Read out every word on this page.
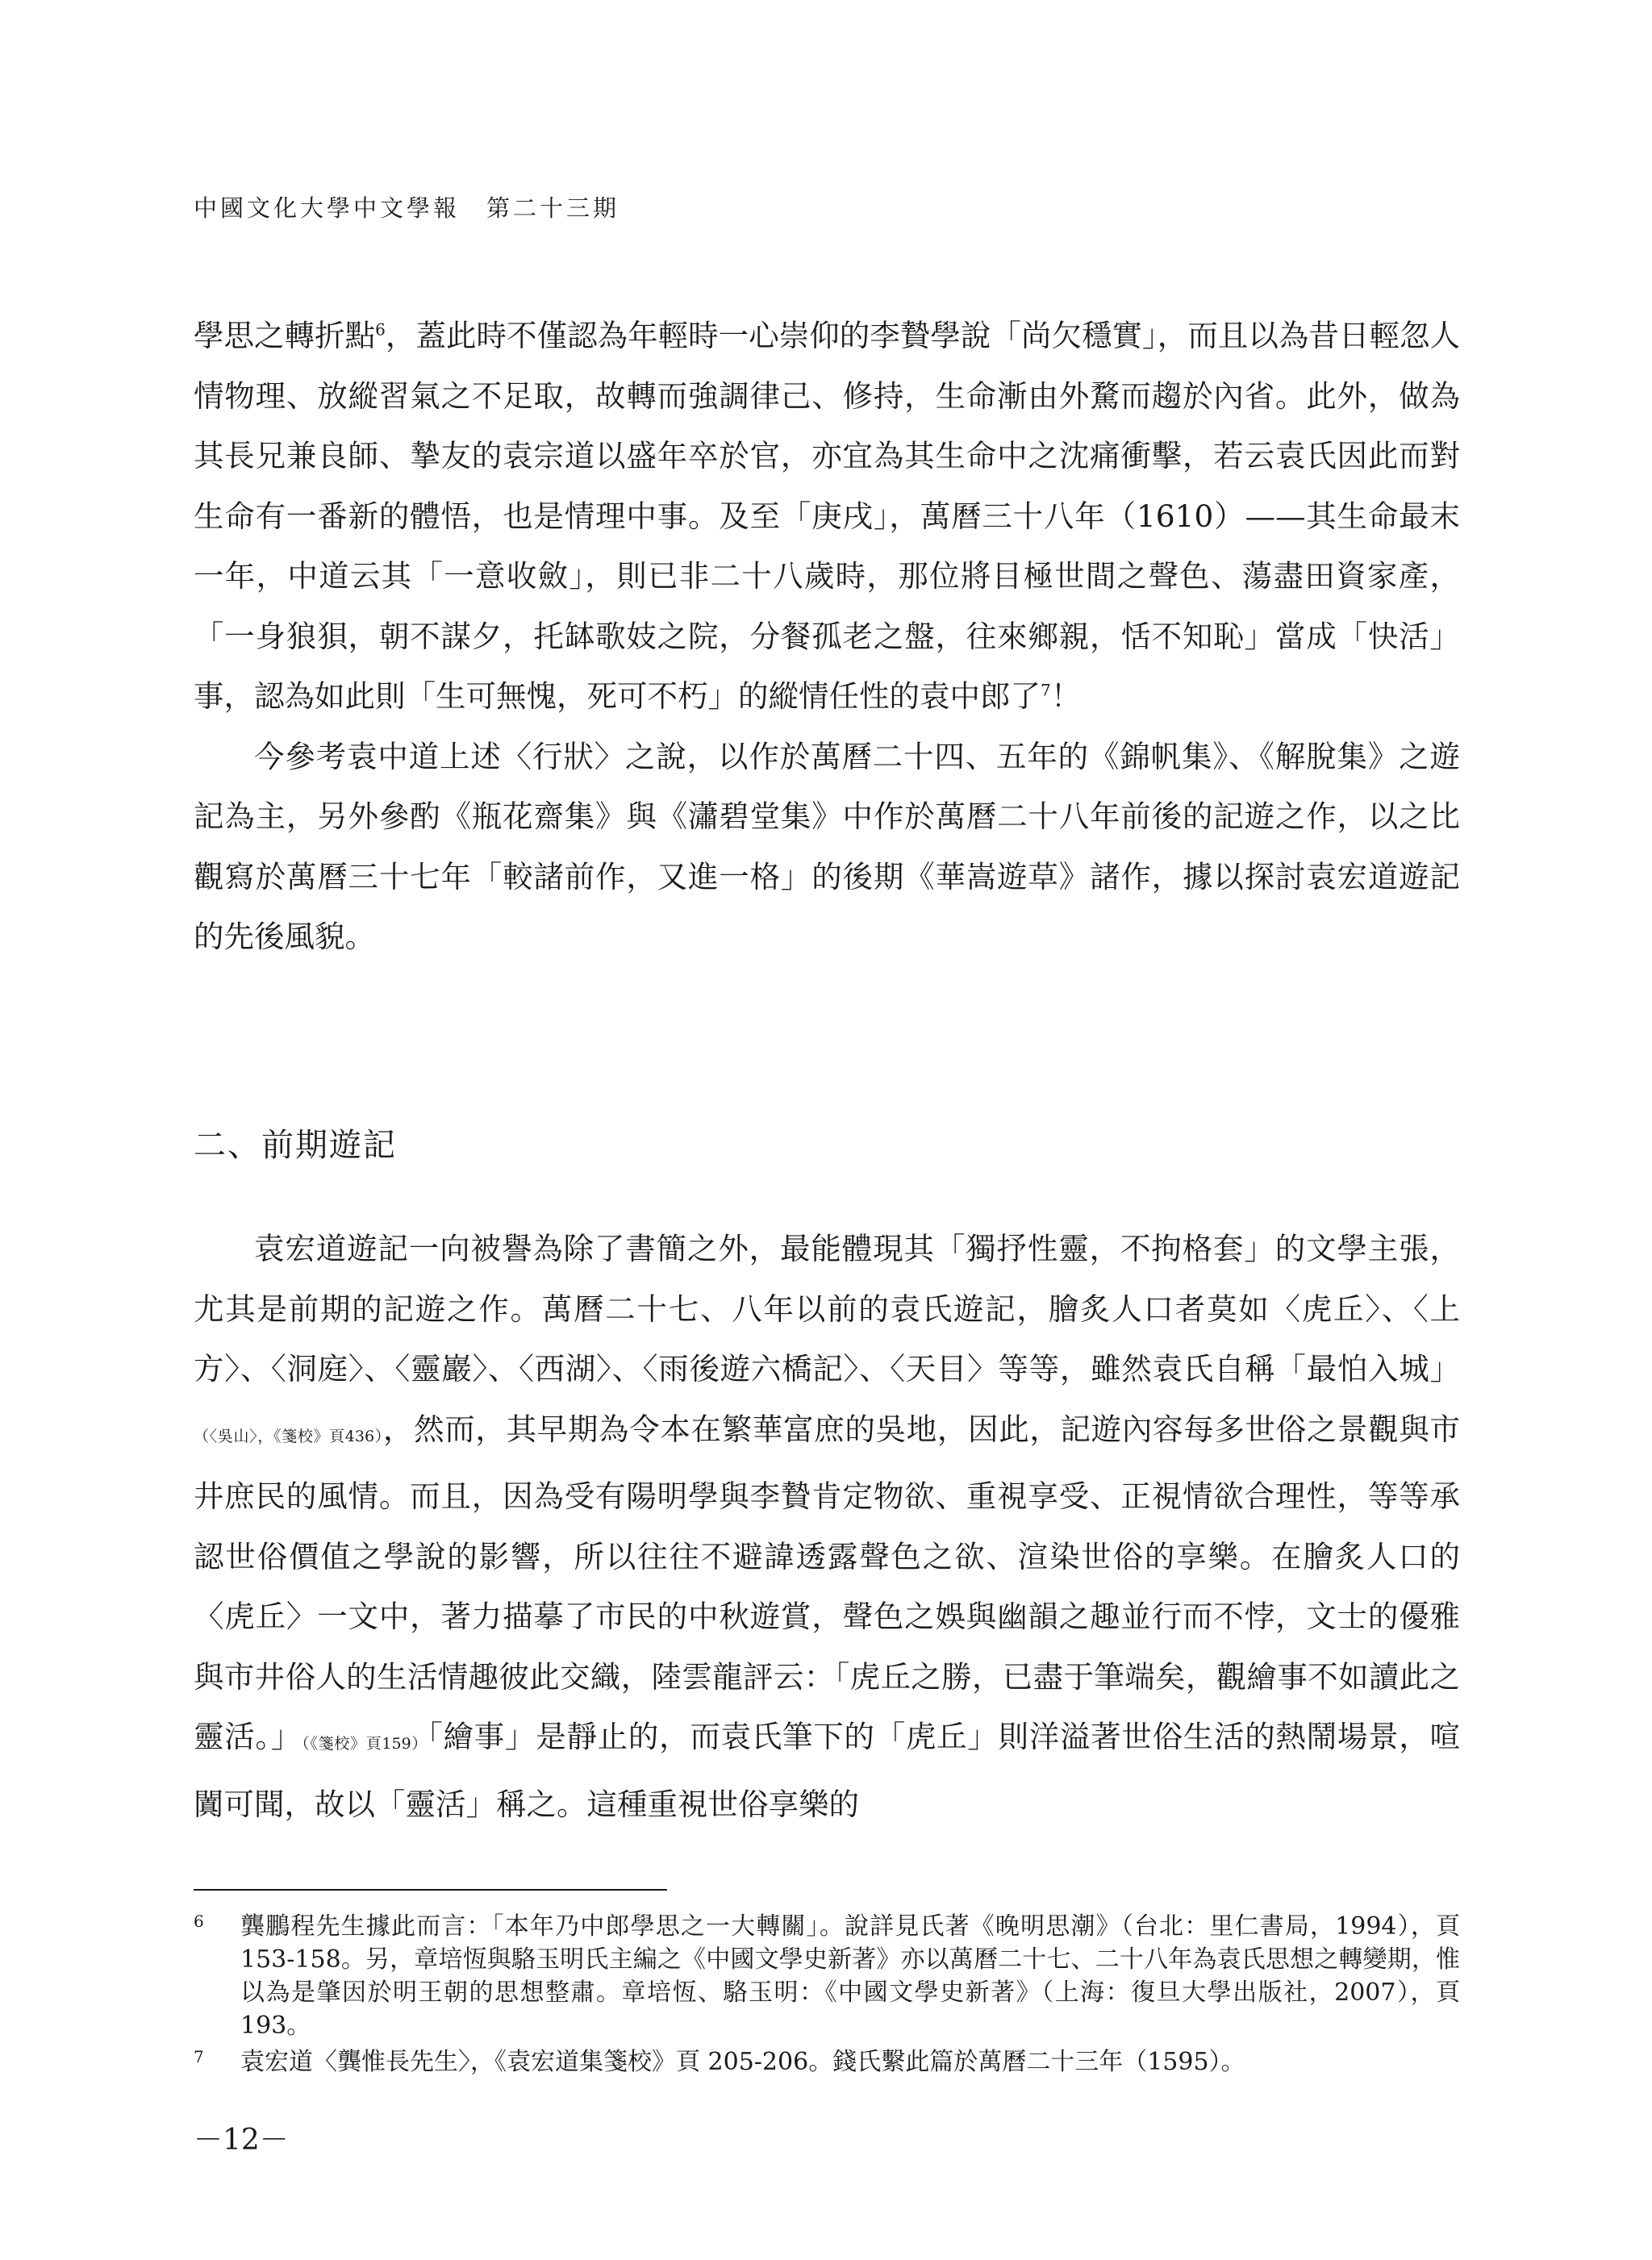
中國文化大學中文學報　第二十三期

學思之轉折點$^6$，蓋此時不僅認為年輕時一心崇仰的李贄學說「尚欠穩實」，而且以為昔日輕忽人情物理、放縱習氣之不足取，故轉而強調律己、修持，生命漸由外騖而趨於內省。此外，做為其長兄兼良師、摯友的袁宗道以盛年卒於官，亦宜為其生命中之沈痛衝擊，若云袁氏因此而對生命有一番新的體悟，也是情理中事。及至「庚戌」，萬曆三十八年（1610）——其生命最末一年，中道云其「一意收斂」，則已非二十八歲時，那位將目極世間之聲色、蕩盡田資家產，「一身狼狽，朝不謀夕，托缽歌妓之院，分餐孤老之盤，往來鄉親，恬不知恥」當成「快活」事，認為如此則「生可無愧，死可不朽」的縱情任性的袁中郎了$^7$！

今參考袁中道上述〈行狀〉之說，以作於萬曆二十四、五年的《錦帆集》、《解脫集》之遊記為主，另外參酌《瓶花齋集》與《瀟碧堂集》中作於萬曆二十八年前後的記遊之作，以之比觀寫於萬曆三十七年「較諸前作，又進一格」的後期《華嵩遊草》諸作，據以探討袁宏道遊記的先後風貌。

二、前期遊記

袁宏道遊記一向被譽為除了書簡之外，最能體現其「獨抒性靈，不拘格套」的文學主張，尤其是前期的記遊之作。萬曆二十七、八年以前的袁氏遊記，膾炙人口者莫如〈虎丘〉、〈上方〉、〈洞庭〉、〈靈巖〉、〈西湖〉、〈雨後遊六橋記〉、〈天目〉等等，雖然袁氏自稱「最怕入城」（〈吳山〉，《箋校》頁436），然而，其早期為令本在繁華富庶的吳地，因此，記遊內容每多世俗之景觀與市井庶民的風情。而且，因為受有陽明學與李贄肯定物欲、重視享受、正視情欲合理性，等等承認世俗價值之學說的影響，所以往往不避諱透露聲色之欲、渲染世俗的享樂。在膾炙人口的〈虎丘〉一文中，著力描摹了市民的中秋遊賞，聲色之娛與幽韻之趣並行而不悖，文士的優雅與市井俗人的生活情趣彼此交織，陸雲龍評云：「虎丘之勝，已盡于筆端矣，觀繪事不如讀此之靈活。」（《箋校》頁159）「繪事」是靜止的，而袁氏筆下的「虎丘」則洋溢著世俗生活的熱鬧場景，喧闐可聞，故以「靈活」稱之。這種重視世俗享樂的

6 龔鵬程先生據此而言：「本年乃中郎學思之一大轉關」。說詳見氏著《晚明思潮》（台北：里仁書局，1994），頁 153-158。另，章培恆與駱玉明氏主編之《中國文學史新著》亦以萬曆二十七、二十八年為袁氏思想之轉變期，惟以為是肇因於明王朝的思想整肅。章培恆、駱玉明：《中國文學史新著》（上海：復旦大學出版社，2007），頁 193。
7 袁宏道〈龔惟長先生〉，《袁宏道集箋校》頁 205-206。錢氏繫此篇於萬曆二十三年（1595）。
－12－
